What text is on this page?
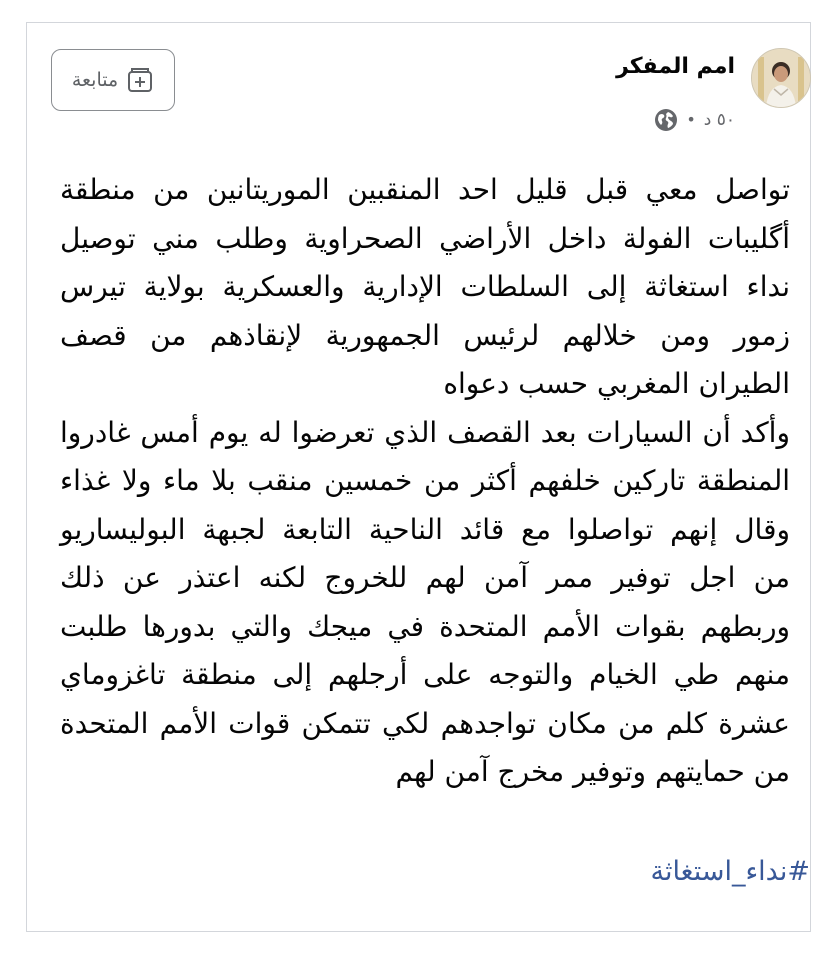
امم المفكر
٥٠ د
•
متابعة
تواصل معي قبل قليل احد المنقبين الموريتانين من منطقة
أگليبات الفولة داخل الأراضي الصحراوية وطلب مني توصيل
نداء استغاثة إلى السلطات الإدارية والعسكرية بولاية تيرس
زمور ومن خلالهم لرئيس الجمهورية لإنقاذهم من قصف
الطيران المغربي حسب دعواه
وأكد أن السيارات بعد القصف الذي تعرضوا له يوم أمس غادروا
المنطقة تاركين خلفهم أكثر من خمسين منقب بلا ماء ولا غذاء
وقال إنهم تواصلوا مع قائد الناحية التابعة لجبهة البوليساريو
من اجل توفير ممر آمن لهم للخروج لكنه اعتذر عن ذلك
وربطهم بقوات الأمم المتحدة في ميجك والتي بدورها طلبت
منهم طي الخيام والتوجه على أرجلهم إلى منطقة تاغزوماي
عشرة كلم من مكان تواجدهم لكي تتمكن قوات الأمم المتحدة
من حمايتهم وتوفير مخرج آمن لهم
#نداء_استغاثة
